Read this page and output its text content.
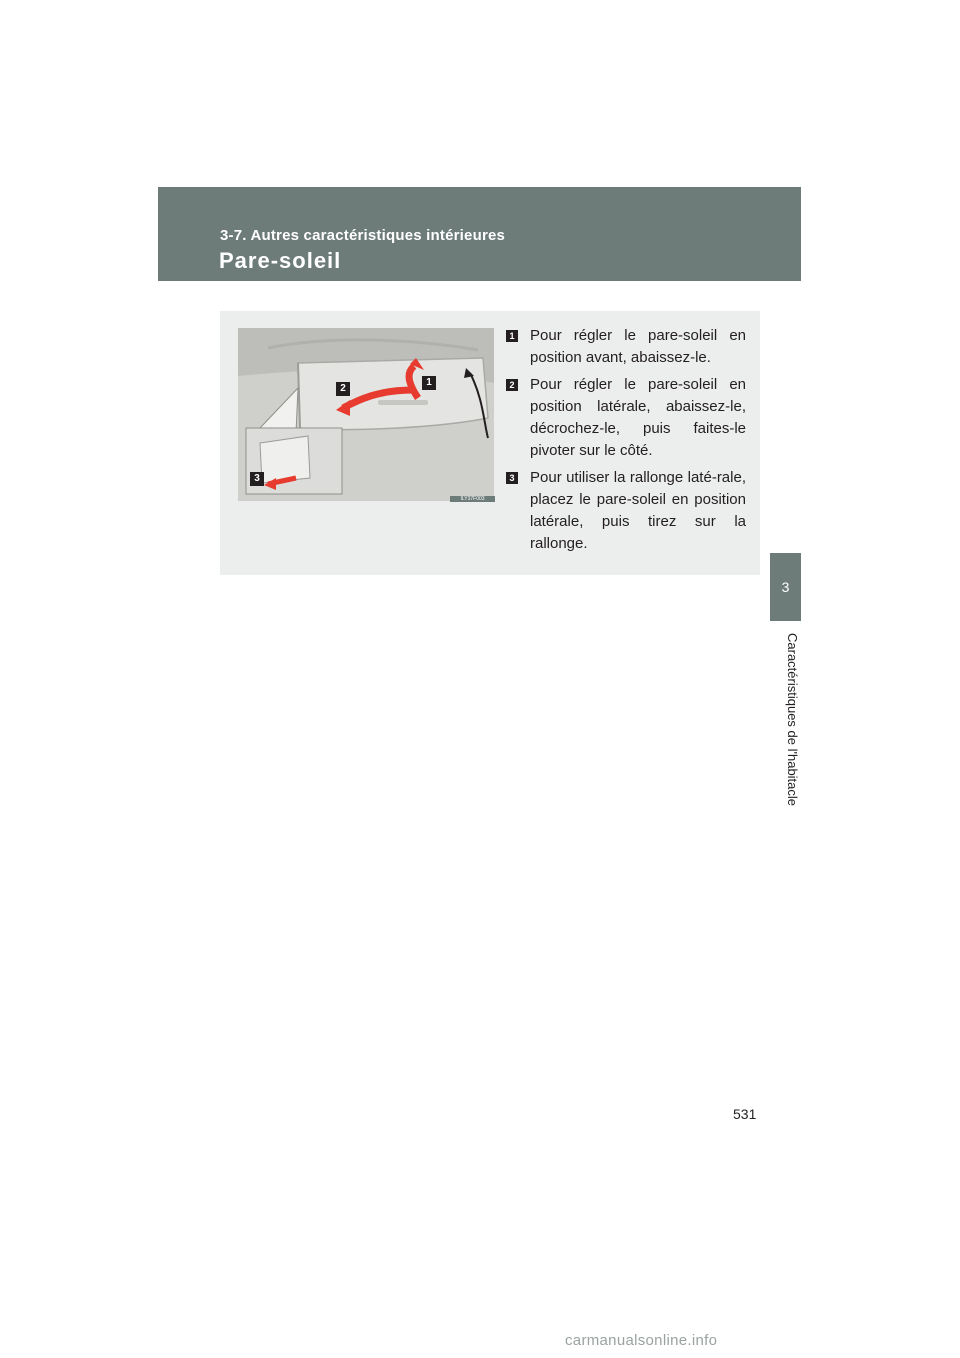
3-7. Autres caractéristiques intérieures
Pare-soleil
3
Caractéristiques de l'habitacle
1
2
3
ILY37F003
1 Pour régler le pare-soleil en position avant, abaissez-le.

2 Pour régler le pare-soleil en position latérale, abaissez-le, décrochez-le, puis faites-le pivoter sur le côté.

3 Pour utiliser la rallonge laté-rale, placez le pare-soleil en position latérale, puis tirez sur la rallonge.

531
carmanualsonline.info
